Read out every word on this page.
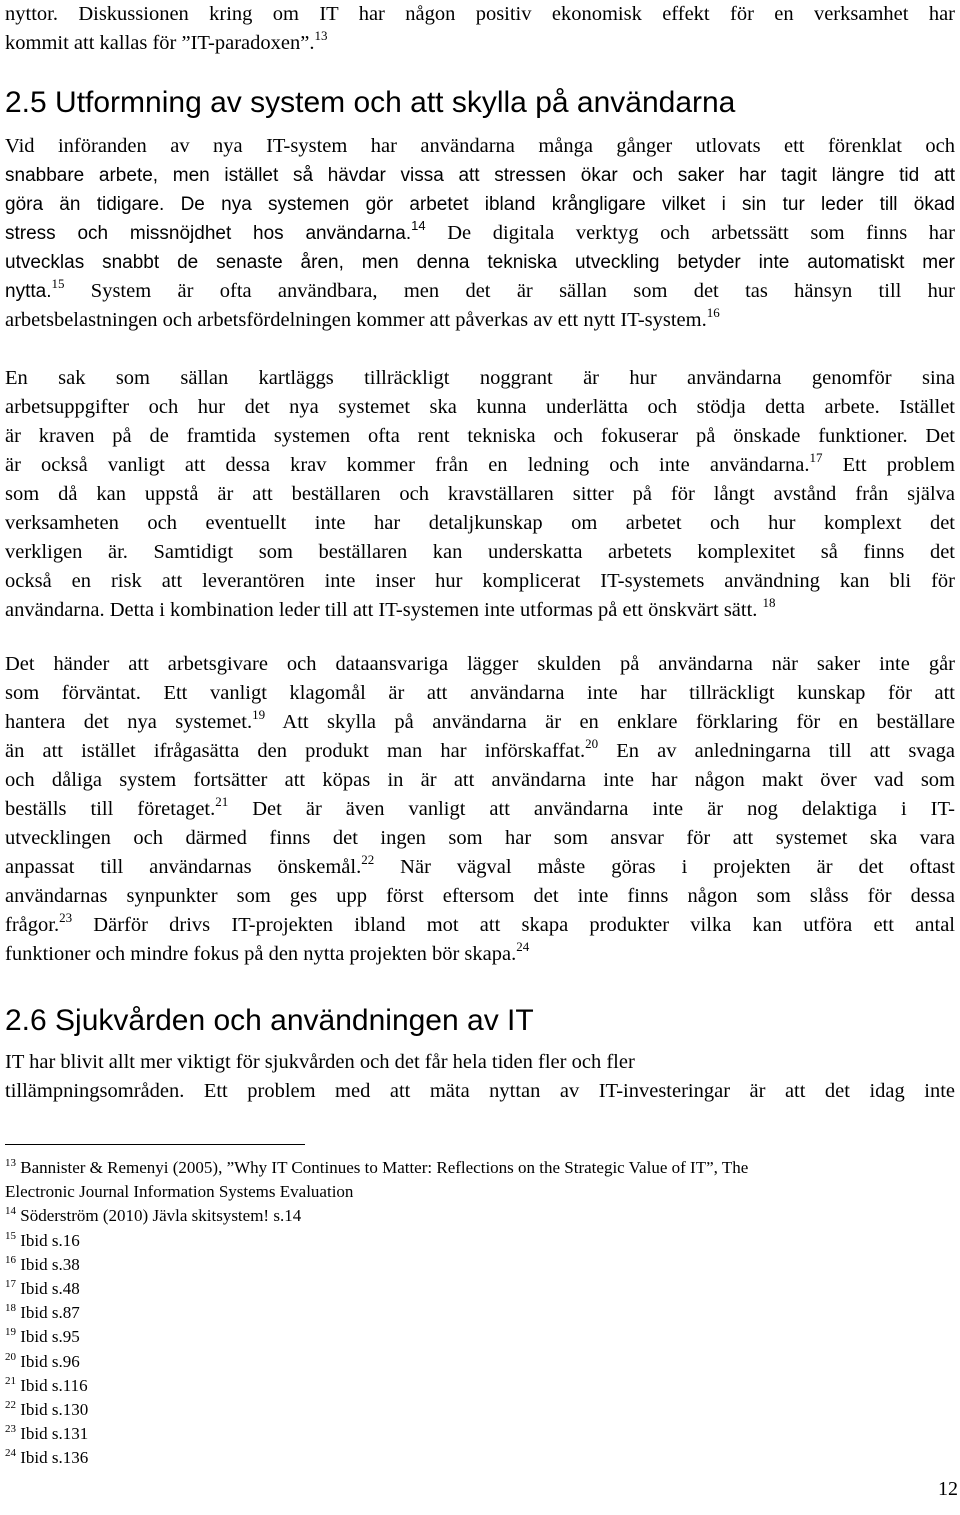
nyttor. Diskussionen kring om IT har någon positiv ekonomisk effekt för en verksamhet har
kommit att kallas för ”IT-paradoxen”.$^{13}$
2.5 Utformning av system och att skylla på användarna
Vid införanden av nya IT-system har användarna många gånger utlovats ett förenklat och
snabbare arbete, men istället så hävdar vissa att stressen ökar och saker har tagit längre tid att
göra än tidigare. De nya systemen gör arbetet ibland krångligare vilket i sin tur leder till ökad
stress och missnöjdhet hos användarna.$^{14}$ De digitala verktyg och arbetssätt som finns har
utvecklas snabbt de senaste åren, men denna tekniska utveckling betyder inte automatiskt mer
nytta.$^{15}$ System är ofta användbara, men det är sällan som det tas hänsyn till hur
arbetsbelastningen och arbetsfördelningen kommer att påverkas av ett nytt IT-system.$^{16}$
En sak som sällan kartläggs tillräckligt noggrant är hur användarna genomför sina
arbetsuppgifter och hur det nya systemet ska kunna underlätta och stödja detta arbete. Istället
är kraven på de framtida systemen ofta rent tekniska och fokuserar på önskade funktioner. Det
är också vanligt att dessa krav kommer från en ledning och inte användarna.$^{17}$ Ett problem
som då kan uppstå är att beställaren och kravställaren sitter på för långt avstånd från själva
verksamheten och eventuellt inte har detaljkunskap om arbetet och hur komplext det
verkligen är. Samtidigt som beställaren kan underskatta arbetets komplexitet så finns det
också en risk att leverantören inte inser hur komplicerat IT-systemets användning kan bli för
användarna. Detta i kombination leder till att IT-systemen inte utformas på ett önskvärt sätt. $^{18}$
Det händer att arbetsgivare och dataansvariga lägger skulden på användarna när saker inte går
som förväntat. Ett vanligt klagomål är att användarna inte har tillräckligt kunskap för att
hantera det nya systemet.$^{19}$ Att skylla på användarna är en enklare förklaring för en beställare
än att istället ifrågasätta den produkt man har införskaffat.$^{20}$ En av anledningarna till att svaga
och dåliga system fortsätter att köpas in är att användarna inte har någon makt över vad som
beställs till företaget.$^{21}$ Det är även vanligt att användarna inte är nog delaktiga i IT-
utvecklingen och därmed finns det ingen som har som ansvar för att systemet ska vara
anpassat till användarnas önskemål.$^{22}$ När vägval måste göras i projekten är det oftast
användarnas synpunkter som ges upp först eftersom det inte finns någon som slåss för dessa
frågor.$^{23}$ Därför drivs IT-projekten ibland mot att skapa produkter vilka kan utföra ett antal
funktioner och mindre fokus på den nytta projekten bör skapa.$^{24}$
2.6 Sjukvården och användningen av IT
IT har blivit allt mer viktigt för sjukvården och det får hela tiden fler och fler
tillämpningsområden. Ett problem med att mäta nyttan av IT-investeringar är att det idag inte

$^{13}$ Bannister & Remenyi (2005), ”Why IT Continues to Matter: Reflections on the Strategic Value of IT”, The

Electronic Journal Information Systems Evaluation

$^{14}$ Söderström (2010) Jävla skitsystem! s.14

$^{15}$ Ibid s.16

$^{16}$ Ibid s.38

$^{17}$ Ibid s.48

$^{18}$ Ibid s.87

$^{19}$ Ibid s.95

$^{20}$ Ibid s.96

$^{21}$ Ibid s.116

$^{22}$ Ibid s.130

$^{23}$ Ibid s.131

$^{24}$ Ibid s.136

12
